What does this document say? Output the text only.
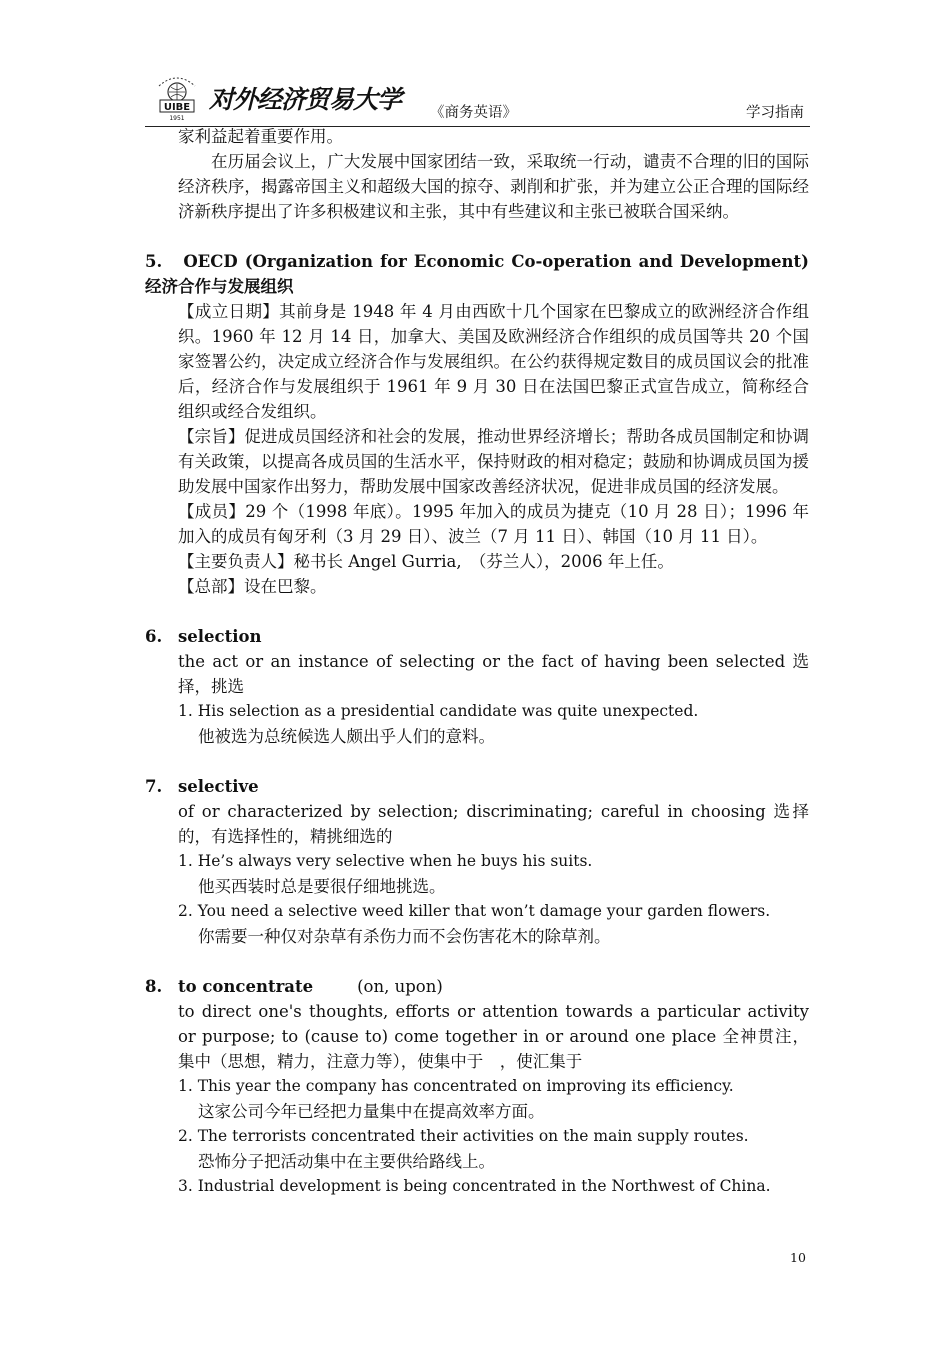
UIBE
1951
对外经济贸易大学 《商务英语》	学习指南

家利益起着重要作用。

在历届会议上，广大发展中国家团结一致，采取统一行动，谴责不合理的旧的国际经济秩序，揭露帝国主义和超级大国的掠夺、剥削和扩张，并为建立公正合理的国际经济新秩序提出了许多积极建议和主张，其中有些建议和主张已被联合国采纳。

5. OECD (Organization for Economic Co-operation and Development)经济合作与发展组织

【成立日期】其前身是 1948 年 4 月由西欧十几个国家在巴黎成立的欧洲经济合作组织。1960 年 12 月 14 日，加拿大、美国及欧洲经济合作组织的成员国等共 20 个国家签署公约，决定成立经济合作与发展组织。在公约获得规定数目的成员国议会的批准后，经济合作与发展组织于 1961 年 9 月 30 日在法国巴黎正式宣告成立，简称经合组织或经合发组织。

【宗旨】促进成员国经济和社会的发展，推动世界经济增长；帮助各成员国制定和协调有关政策，以提高各成员国的生活水平，保持财政的相对稳定；鼓励和协调成员国为援助发展中国家作出努力，帮助发展中国家改善经济状况，促进非成员国的经济发展。

【成员】29 个（1998 年底）。1995 年加入的成员为捷克（10 月 28 日）；1996 年加入的成员有匈牙利（3 月 29 日）、波兰（7 月 11 日）、韩国（10 月 11 日）。

【主要负责人】秘书长 Angel Gurria,　（芬兰人），2006 年上任。

【总部】设在巴黎。

6. selection

the act or an instance of selecting or the fact of having been selected 选择，挑选

1. His selection as a presidential candidate was quite unexpected.

他被选为总统候选人颇出乎人们的意料。

7. selective

of or characterized by selection; discriminating; careful in choosing 选择的，有选择性的，精挑细选的

1. He’s always very selective when he buys his suits.

他买西装时总是要很仔细地挑选。

2. You need a selective weed killer that won’t damage your garden flowers.

你需要一种仅对杂草有杀伤力而不会伤害花木的除草剂。

8. to concentrate	(on, upon)

to direct one's thoughts, efforts or attention towards a particular activity or purpose; to (cause to) come together in or around one place 全神贯注，集中（思想，精力，注意力等），使集中于　，使汇集于

1. This year the company has concentrated on improving its efficiency.

这家公司今年已经把力量集中在提高效率方面。

2. The terrorists concentrated their activities on the main supply routes.

恐怖分子把活动集中在主要供给路线上。

3. Industrial development is being concentrated in the Northwest of China.

10
